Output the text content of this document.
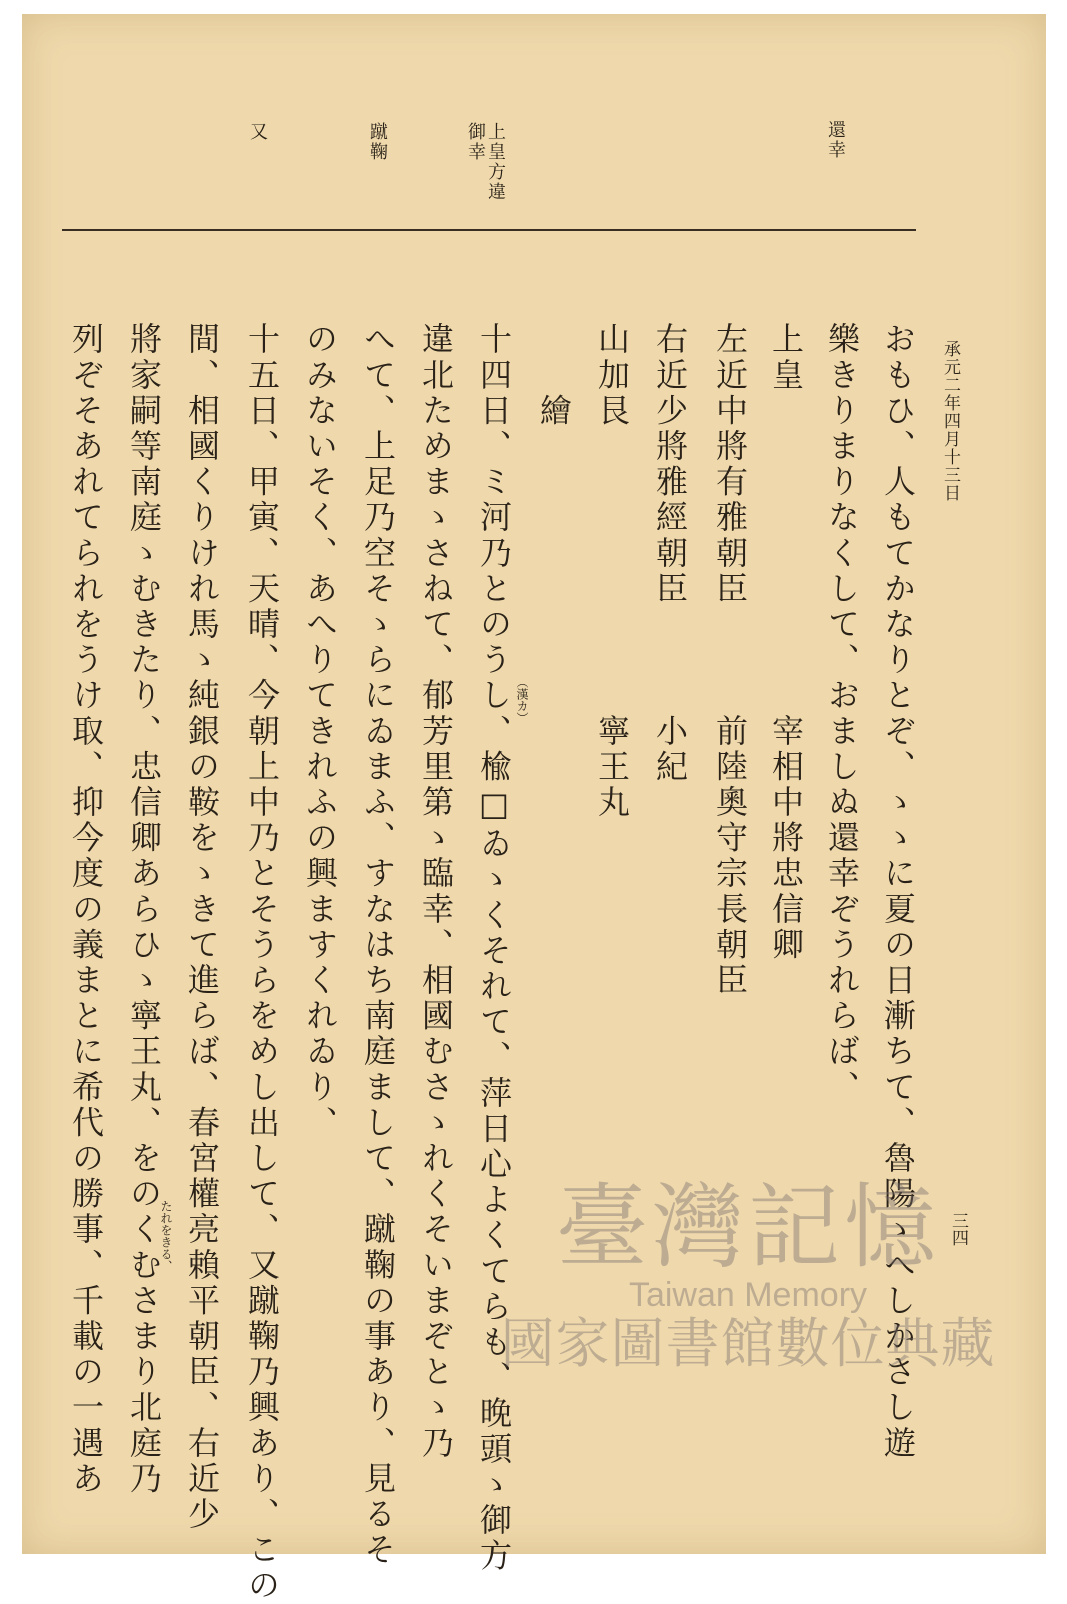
還幸
上皇方違
御幸
蹴鞠
又
承元二年四月十三日
三四
おもひ、人もてかなりとぞ、ゝゝに夏の日漸ちて、魯陽ゝへしかさし遊
樂きりまりなくして、おましぬ還幸ぞうれらば、
上皇　　　　　　　　　宰相中將忠信卿
左近中將有雅朝臣　　　前陸奧守宗長朝臣
右近少將雅經朝臣　　　小紀
山加艮　　　　　　　　寧王丸
　　繪
十四日、ミ河乃とのうし、楡□ゐゝくそれて、萍日心よくてらも、晚頭ゝ御方
違北ためまゝさねて、郁芳里第ゝ臨幸、相國むさゝれくそいまぞとゝ乃
へて、上足乃空そゝらにゐまふ、すなはち南庭まして、蹴鞠の事あり、見るそ
のみないそく、あへりてきれふの興ますくれゐり、
十五日、甲寅、天晴、今朝上中乃とそうらをめし出して、又蹴鞠乃興あり、この
間、相國くりけれ馬ゝ純銀の鞍をゝきて進らば、春宮權亮賴平朝臣、右近少
將家嗣等南庭ゝむきたり、忠信卿あらひゝ寧王丸、をのくむさまり北庭乃
列ぞそあれてられをうけ取、抑今度の義まとに希代の勝事、千載の一遇あ	（漢カ）
たれをきる、	臺灣記憶
Taiwan Memory
國家圖書館數位典藏
